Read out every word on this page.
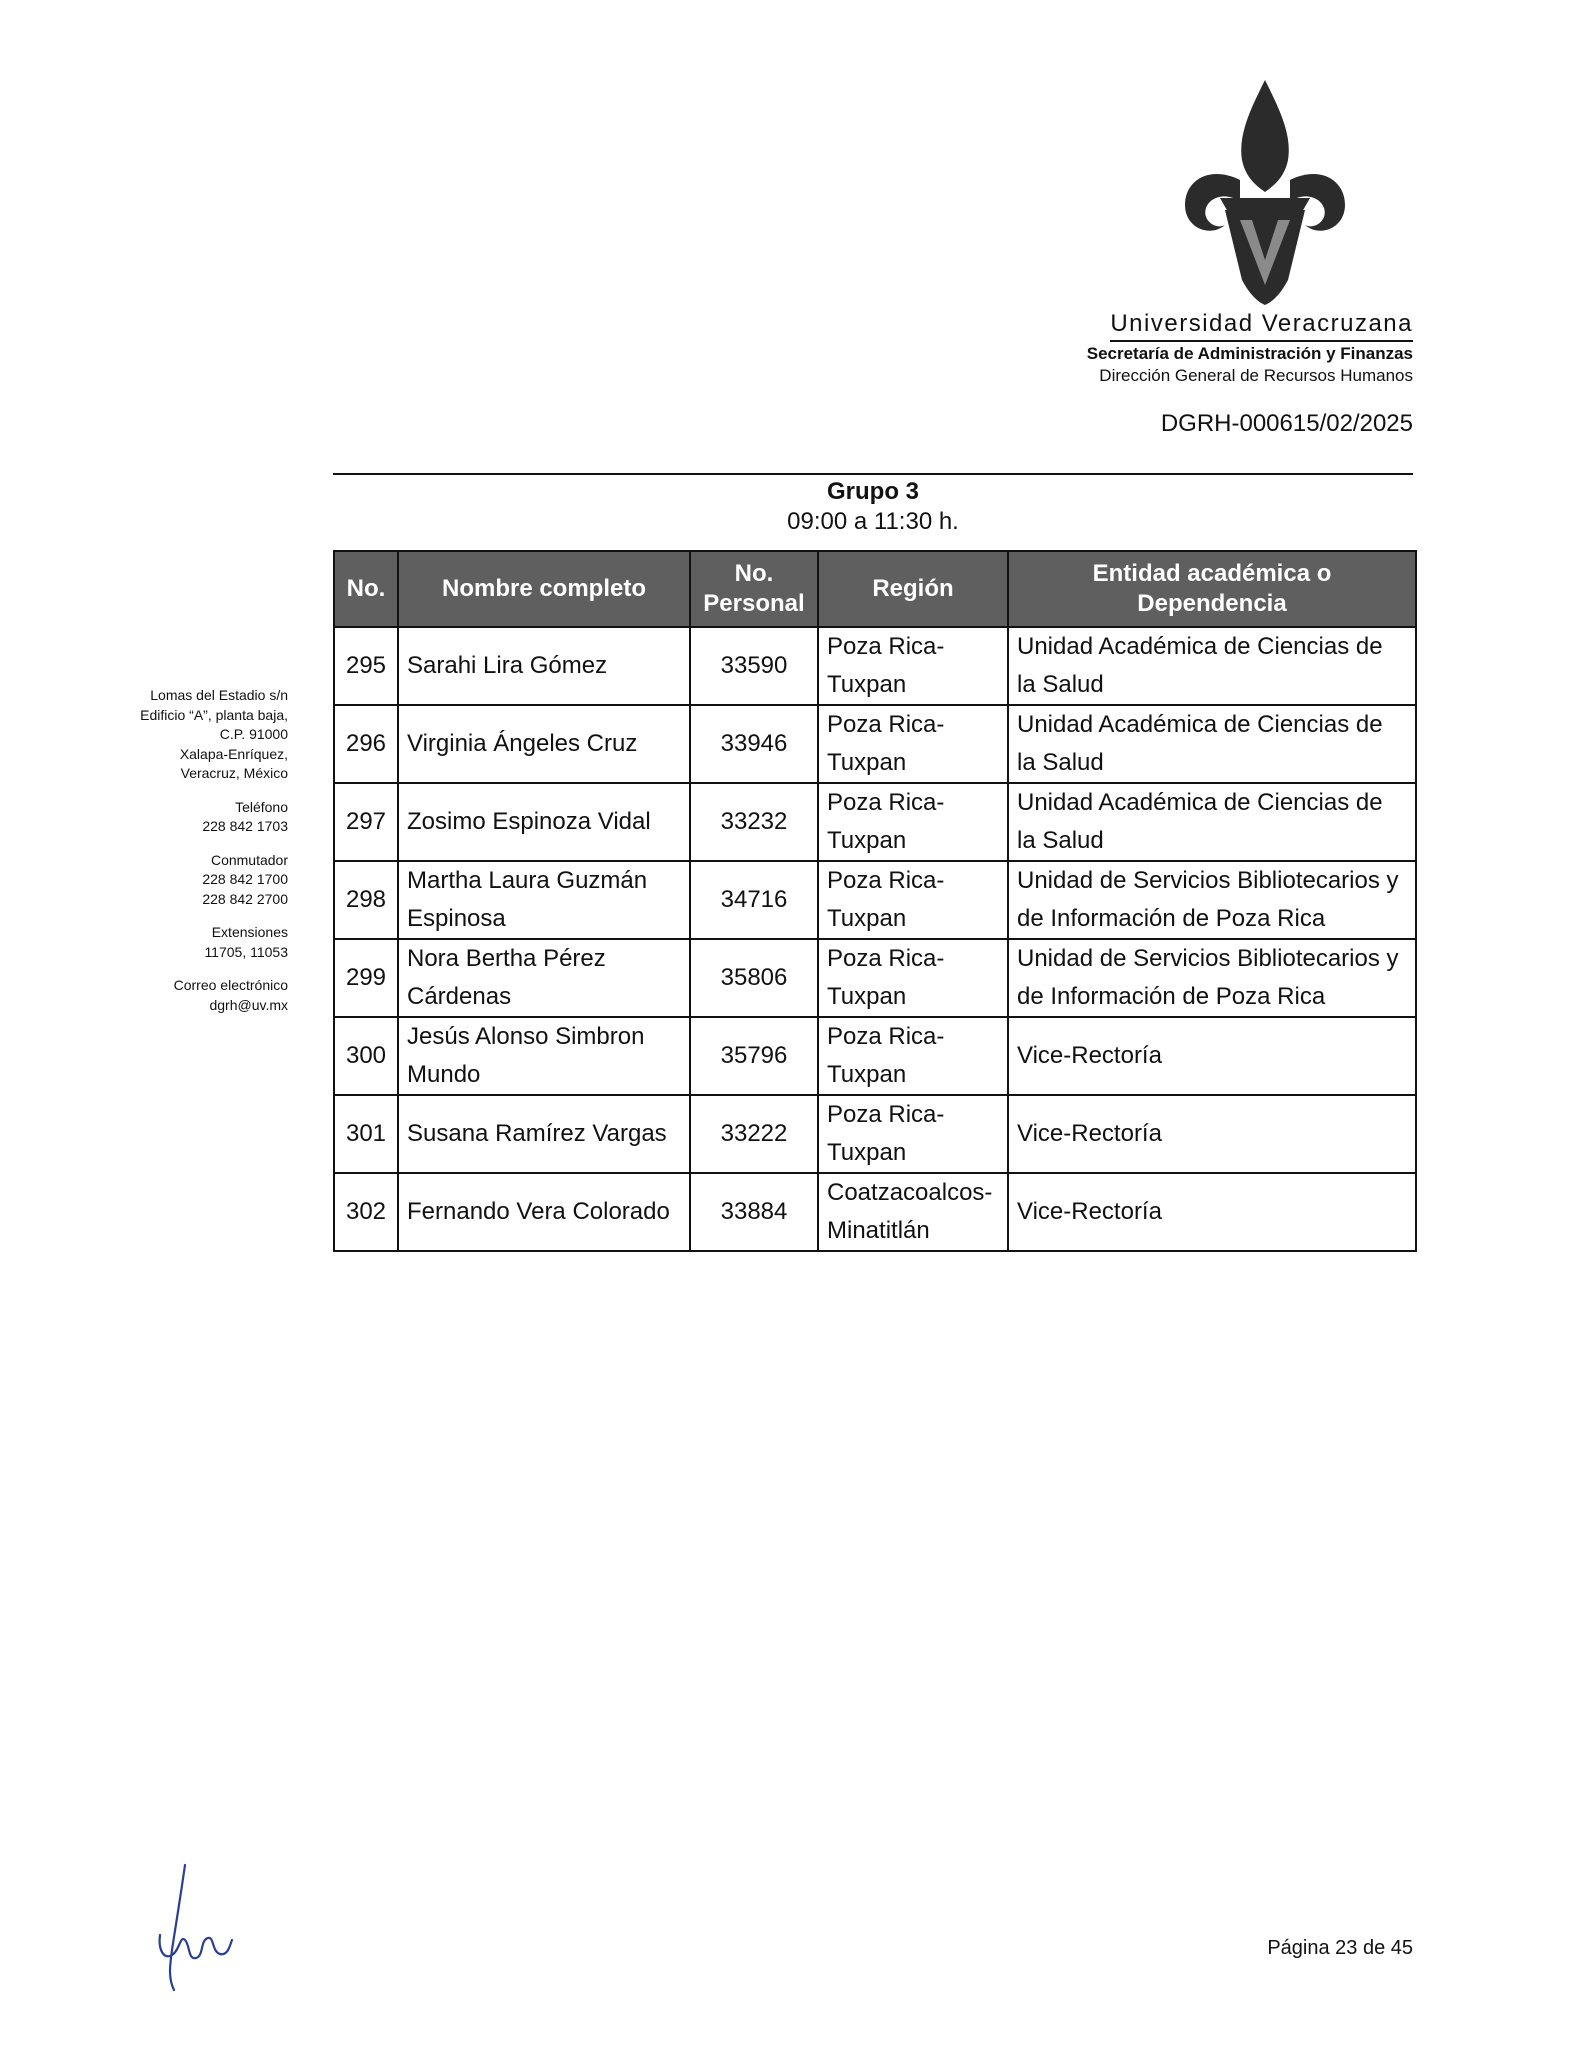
Universidad Veracruzana
Secretaría de Administración y Finanzas
Dirección General de Recursos Humanos
DGRH-000615/02/2025
Grupo 3
09:00 a 11:30 h.
Lomas del Estadio s/n
Edificio “A”, planta baja,
C.P. 91000
Xalapa-Enríquez,
Veracruz, México
Teléfono
228 842 1703
Conmutador
228 842 1700
228 842 2700
Extensiones
11705, 11053
Correo electrónico
dgrh@uv.mx
No.	Nombre completo	No. Personal	Región	Entidad académica o Dependencia
295	Sarahi Lira Gómez	33590	Poza Rica-Tuxpan	Unidad Académica de Ciencias de la Salud
296	Virginia Ángeles Cruz	33946	Poza Rica-Tuxpan	Unidad Académica de Ciencias de la Salud
297	Zosimo Espinoza Vidal	33232	Poza Rica-Tuxpan	Unidad Académica de Ciencias de la Salud
298	Martha Laura Guzmán Espinosa	34716	Poza Rica-Tuxpan	Unidad de Servicios Bibliotecarios y de Información de Poza Rica
299	Nora Bertha Pérez Cárdenas	35806	Poza Rica-Tuxpan	Unidad de Servicios Bibliotecarios y de Información de Poza Rica
300	Jesús Alonso Simbron Mundo	35796	Poza Rica-Tuxpan	Vice-Rectoría
301	Susana Ramírez Vargas	33222	Poza Rica-Tuxpan	Vice-Rectoría
302	Fernando Vera Colorado	33884	Coatzacoalcos-Minatitlán	Vice-Rectoría
Página 23 de 45
